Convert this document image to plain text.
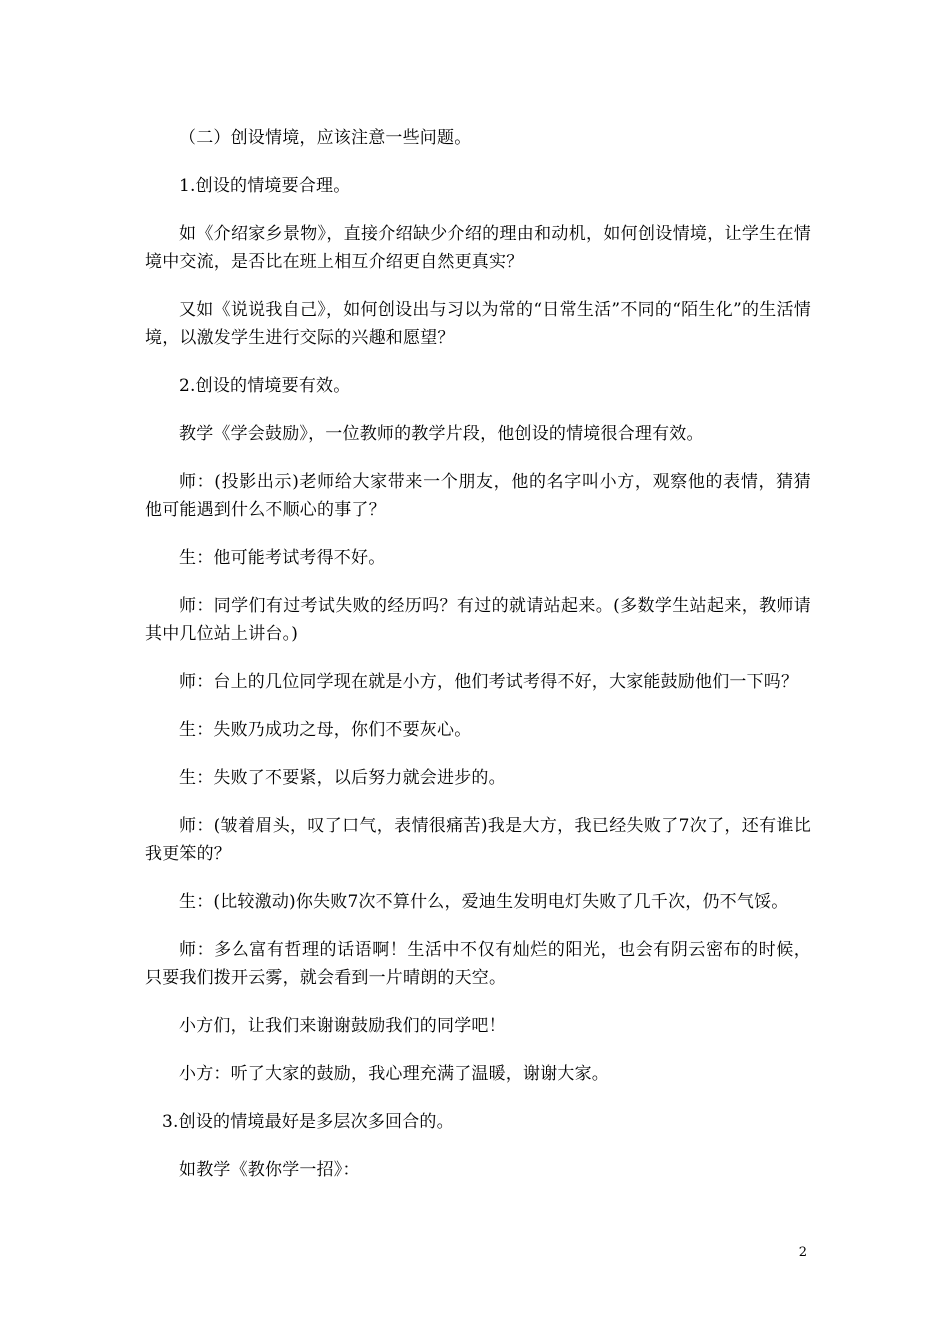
（二）创设情境，应该注意一些问题。

1.创设的情境要合理。

如《介绍家乡景物》，直接介绍缺少介绍的理由和动机，如何创设情境，让学生在情境中交流，是否比在班上相互介绍更自然更真实？

又如《说说我自己》，如何创设出与习以为常的“日常生活”不同的“陌生化”的生活情境，以激发学生进行交际的兴趣和愿望？

2.创设的情境要有效。

教学《学会鼓励》，一位教师的教学片段，他创设的情境很合理有效。

师：(投影出示)老师给大家带来一个朋友，他的名字叫小方，观察他的表情，猜猜他可能遇到什么不顺心的事了？

生：他可能考试考得不好。

师：同学们有过考试失败的经历吗？有过的就请站起来。(多数学生站起来，教师请其中几位站上讲台。)

师：台上的几位同学现在就是小方，他们考试考得不好，大家能鼓励他们一下吗？

生：失败乃成功之母，你们不要灰心。

生：失败了不要紧，以后努力就会进步的。

师：(皱着眉头，叹了口气，表情很痛苦)我是大方，我已经失败了7次了，还有谁比我更笨的？

生：(比较激动)你失败7次不算什么，爱迪生发明电灯失败了几千次，仍不气馁。

师：多么富有哲理的话语啊！生活中不仅有灿烂的阳光，也会有阴云密布的时候，只要我们拨开云雾，就会看到一片晴朗的天空。

小方们，让我们来谢谢鼓励我们的同学吧！

小方：听了大家的鼓励，我心理充满了温暖，谢谢大家。

3.创设的情境最好是多层次多回合的。

如教学《教你学一招》：

2
